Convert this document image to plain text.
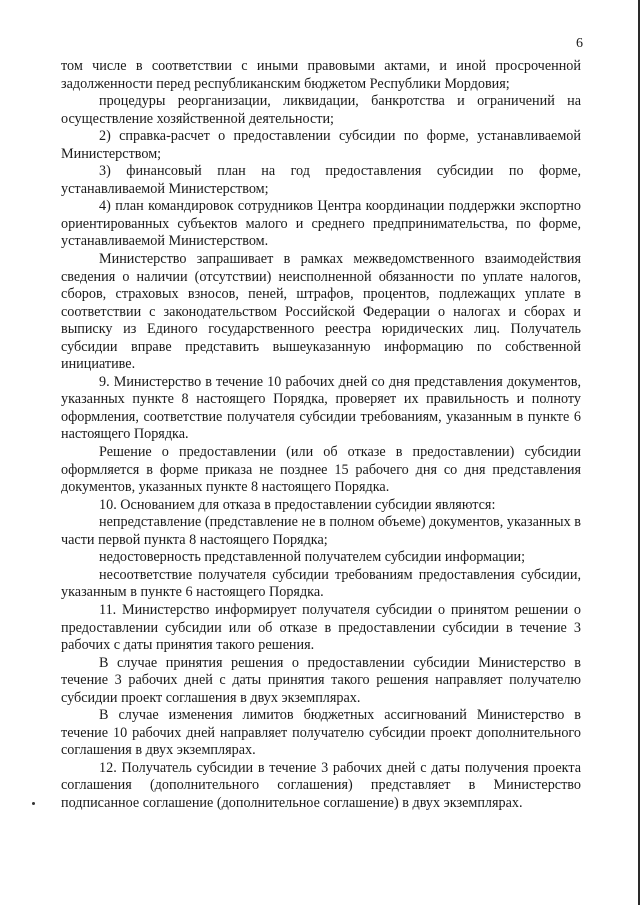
6

том числе в соответствии с иными правовыми актами, и иной просроченной задолженности перед республиканским бюджетом Республики Мордовия;

процедуры реорганизации, ликвидации, банкротства и ограничений на осуществление хозяйственной деятельности;

2) справка-расчет о предоставлении субсидии по форме, устанавливаемой Министерством;

3) финансовый план на год предоставления субсидии по форме, устанавливаемой Министерством;

4) план командировок сотрудников Центра координации поддержки экспортно ориентированных субъектов малого и среднего предпринимательства, по форме, устанавливаемой Министерством.

Министерство запрашивает в рамках межведомственного взаимодействия сведения о наличии (отсутствии) неисполненной обязанности по уплате налогов, сборов, страховых взносов, пеней, штрафов, процентов, подлежащих уплате в соответствии с законодательством Российской Федерации о налогах и сборах и выписку из Единого государственного реестра юридических лиц. Получатель субсидии вправе представить вышеуказанную информацию по собственной инициативе.

9. Министерство в течение 10 рабочих дней со дня представления документов, указанных пункте 8 настоящего Порядка, проверяет их правильность и полноту оформления, соответствие получателя субсидии требованиям, указанным в пункте 6 настоящего Порядка.

Решение о предоставлении (или об отказе в предоставлении) субсидии оформляется в форме приказа не позднее 15 рабочего дня со дня представления документов, указанных пункте 8 настоящего Порядка.

10. Основанием для отказа в предоставлении субсидии являются:

непредставление (представление не в полном объеме) документов, указанных в части первой пункта 8 настоящего Порядка;

недостоверность представленной получателем субсидии информации;

несоответствие получателя субсидии требованиям предоставления субсидии, указанным в пункте 6 настоящего Порядка.

11. Министерство информирует получателя субсидии о принятом решении о предоставлении субсидии или об отказе в предоставлении субсидии в течение 3 рабочих с даты принятия такого решения.

В случае принятия решения о предоставлении субсидии Министерство в течение 3 рабочих дней с даты принятия такого решения направляет получателю субсидии проект соглашения в двух экземплярах.

В случае изменения лимитов бюджетных ассигнований Министерство в течение 10 рабочих дней направляет получателю субсидии проект дополнительного соглашения в двух экземплярах.

12. Получатель субсидии в течение 3 рабочих дней с даты получения проекта соглашения (дополнительного соглашения) представляет в Министерство подписанное соглашение (дополнительное соглашение) в двух экземплярах.
